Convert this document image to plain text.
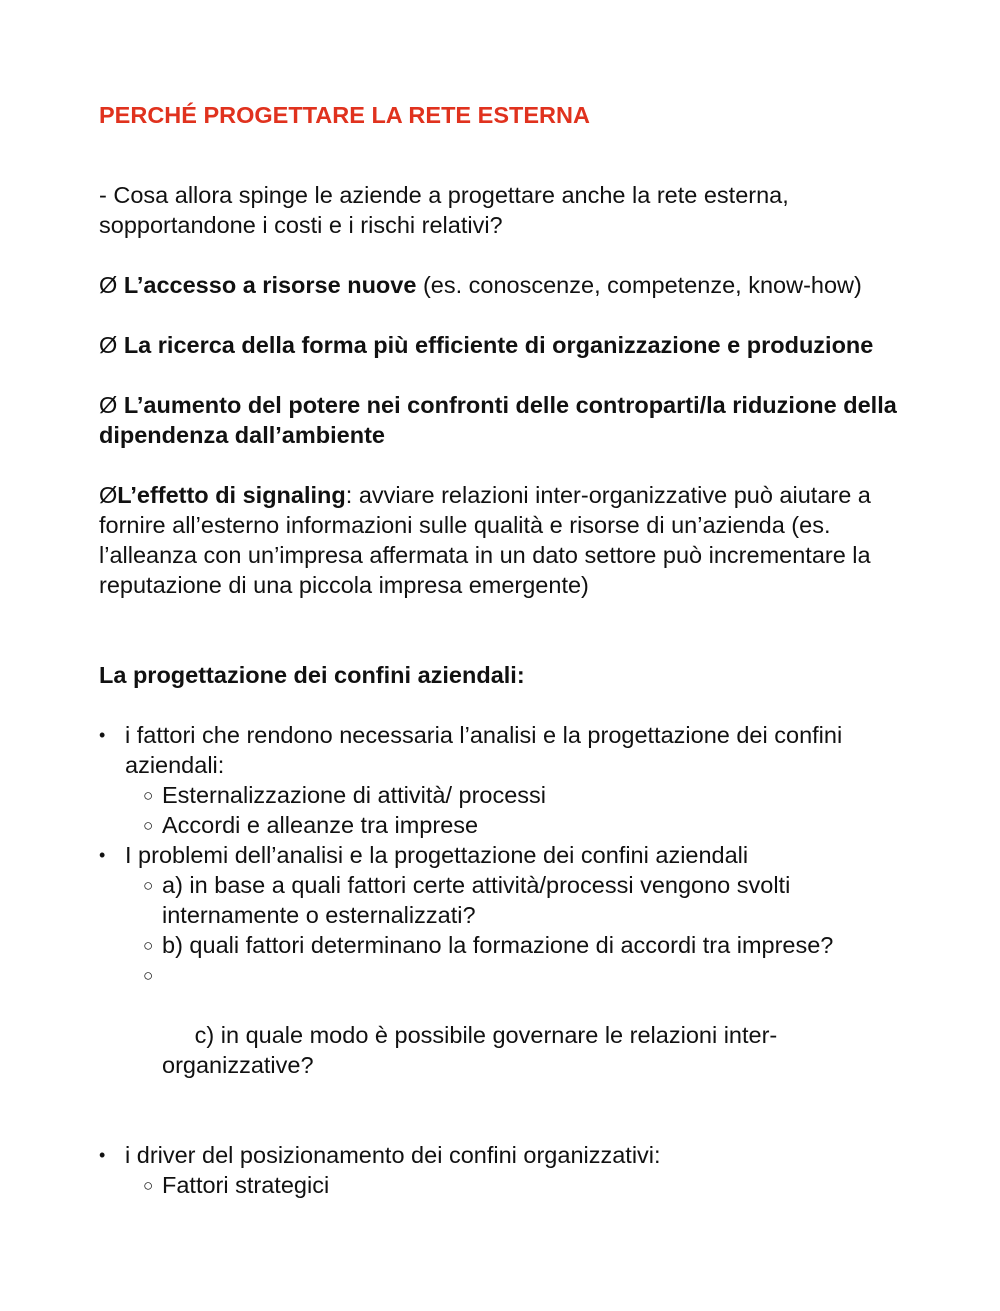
PERCHÉ PROGETTARE LA RETE ESTERNA

- Cosa allora spinge le aziende a progettare anche la rete esterna, sopportandone i costi e i rischi relativi?

Ø L’accesso a risorse nuove (es. conoscenze, competenze, know-how)

Ø La ricerca della forma più efficiente di organizzazione e produzione

Ø L’aumento del potere nei confronti delle controparti/la riduzione della dipendenza dall’ambiente

ØL’effetto di signaling: avviare relazioni inter-organizzative può aiutare a fornire all’esterno informazioni sulle qualità e risorse di un’azienda (es. l’alleanza con un’impresa affermata in un dato settore può incrementare la reputazione di una piccola impresa emergente)

La progettazione dei confini aziendali:

• i fattori che rendono necessaria l’analisi e la progettazione dei confini aziendali:
○ Esternalizzazione di attività/ processi
○ Accordi e alleanze tra imprese
• I problemi dell’analisi e la progettazione dei confini aziendali
○ a) in base a quali fattori certe attività/processi vengono svolti internamente o esternalizzati?
○ b) quali fattori determinano la formazione di accordi tra imprese?

○

c) in quale modo è possibile governare le relazioni inter-organizzative?

• i driver del posizionamento dei confini organizzativi:
○ Fattori strategici
